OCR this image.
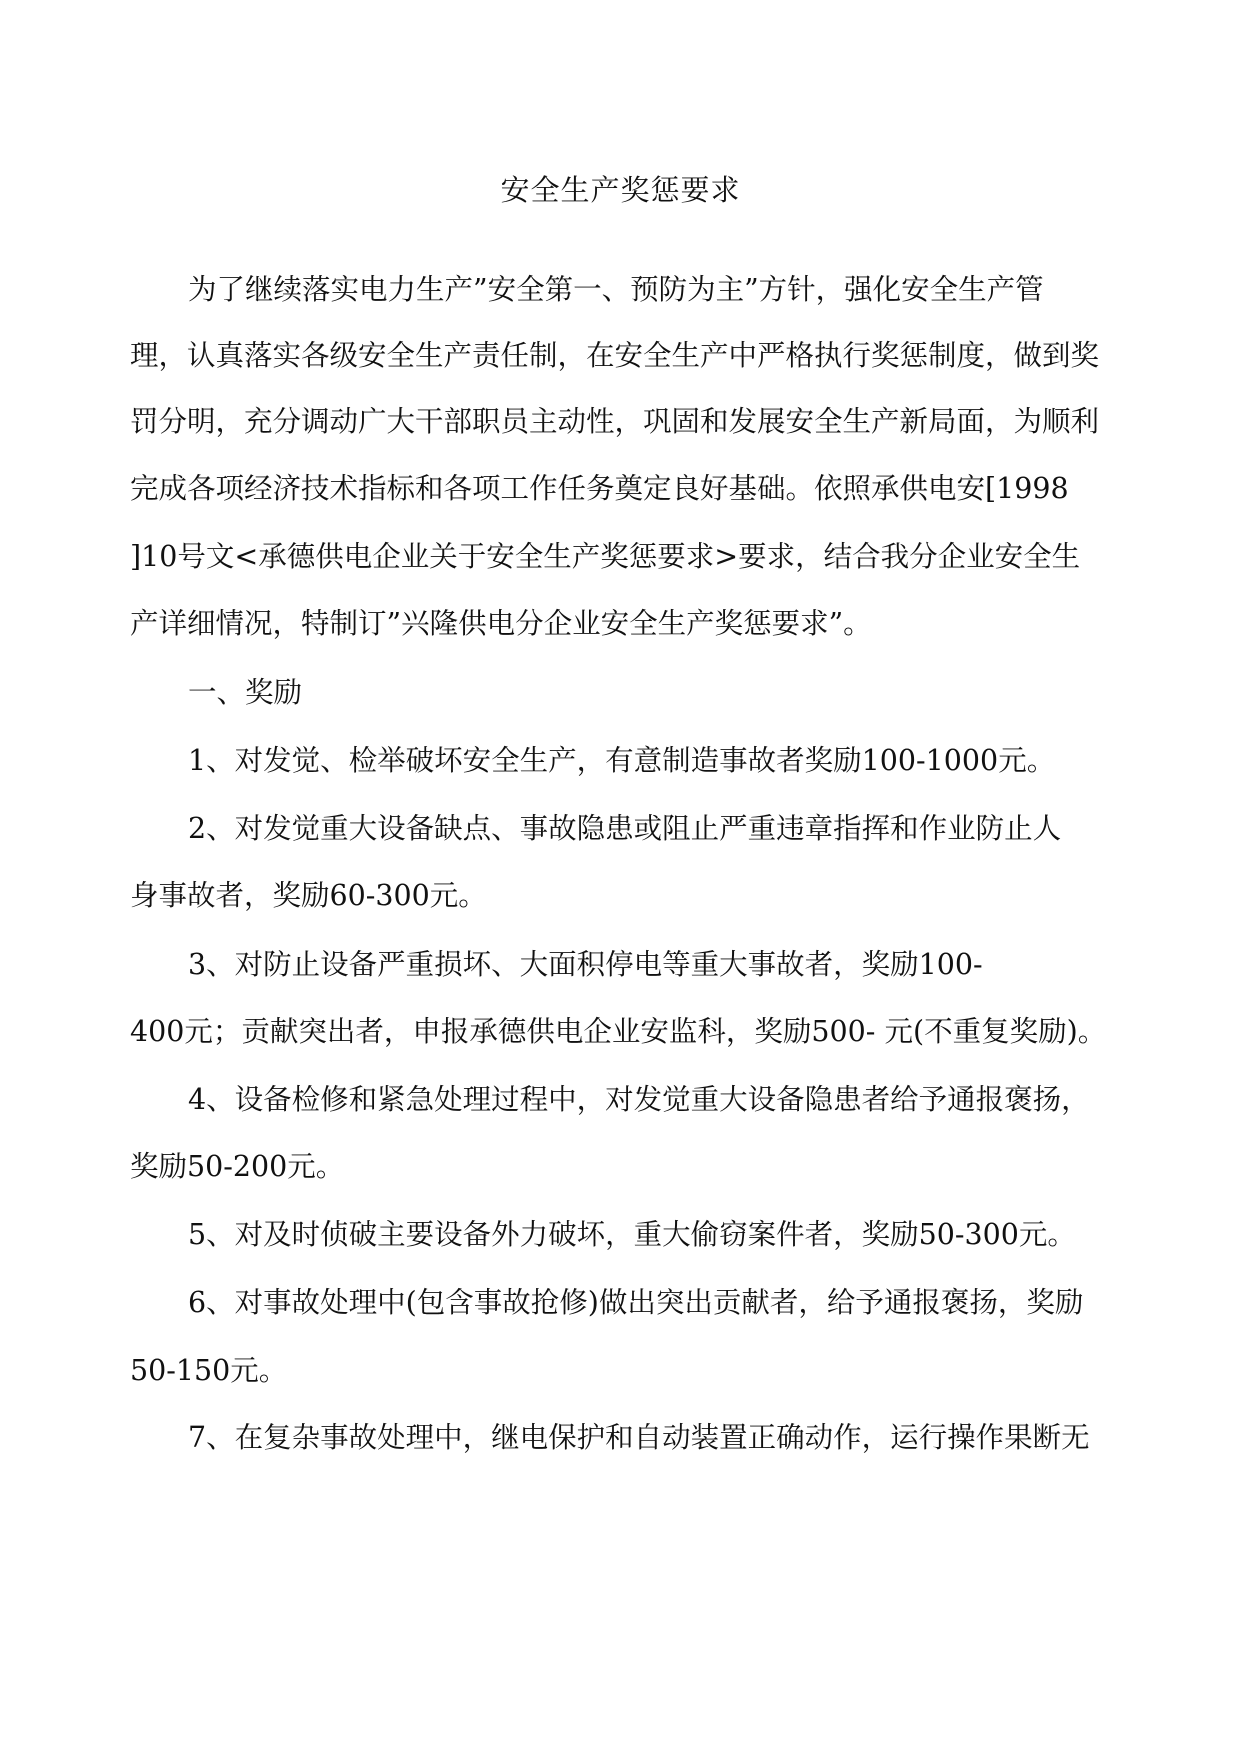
安全生产奖惩要求

为了继续落实电力生产”安全第一、预防为主”方针，强化安全生产管

理，认真落实各级安全生产责任制，在安全生产中严格执行奖惩制度，做到奖

罚分明，充分调动广大干部职员主动性，巩固和发展安全生产新局面，为顺利

完成各项经济技术指标和各项工作任务奠定良好基础。依照承供电安[1998

]10号文<承德供电企业关于安全生产奖惩要求>要求，结合我分企业安全生

产详细情况，特制订”兴隆供电分企业安全生产奖惩要求”。

一、奖励

1、对发觉、检举破坏安全生产，有意制造事故者奖励100-1000元。

2、对发觉重大设备缺点、事故隐患或阻止严重违章指挥和作业防止人

身事故者，奖励60-300元。

3、对防止设备严重损坏、大面积停电等重大事故者，奖励100-

400元；贡献突出者，申报承德供电企业安监科，奖励500- 元(不重复奖励)。

4、设备检修和紧急处理过程中，对发觉重大设备隐患者给予通报褒扬，

奖励50-200元。

5、对及时侦破主要设备外力破坏，重大偷窃案件者，奖励50-300元。

6、对事故处理中(包含事故抢修)做出突出贡献者，给予通报褒扬，奖励

50-150元。

7、在复杂事故处理中，继电保护和自动装置正确动作，运行操作果断无
